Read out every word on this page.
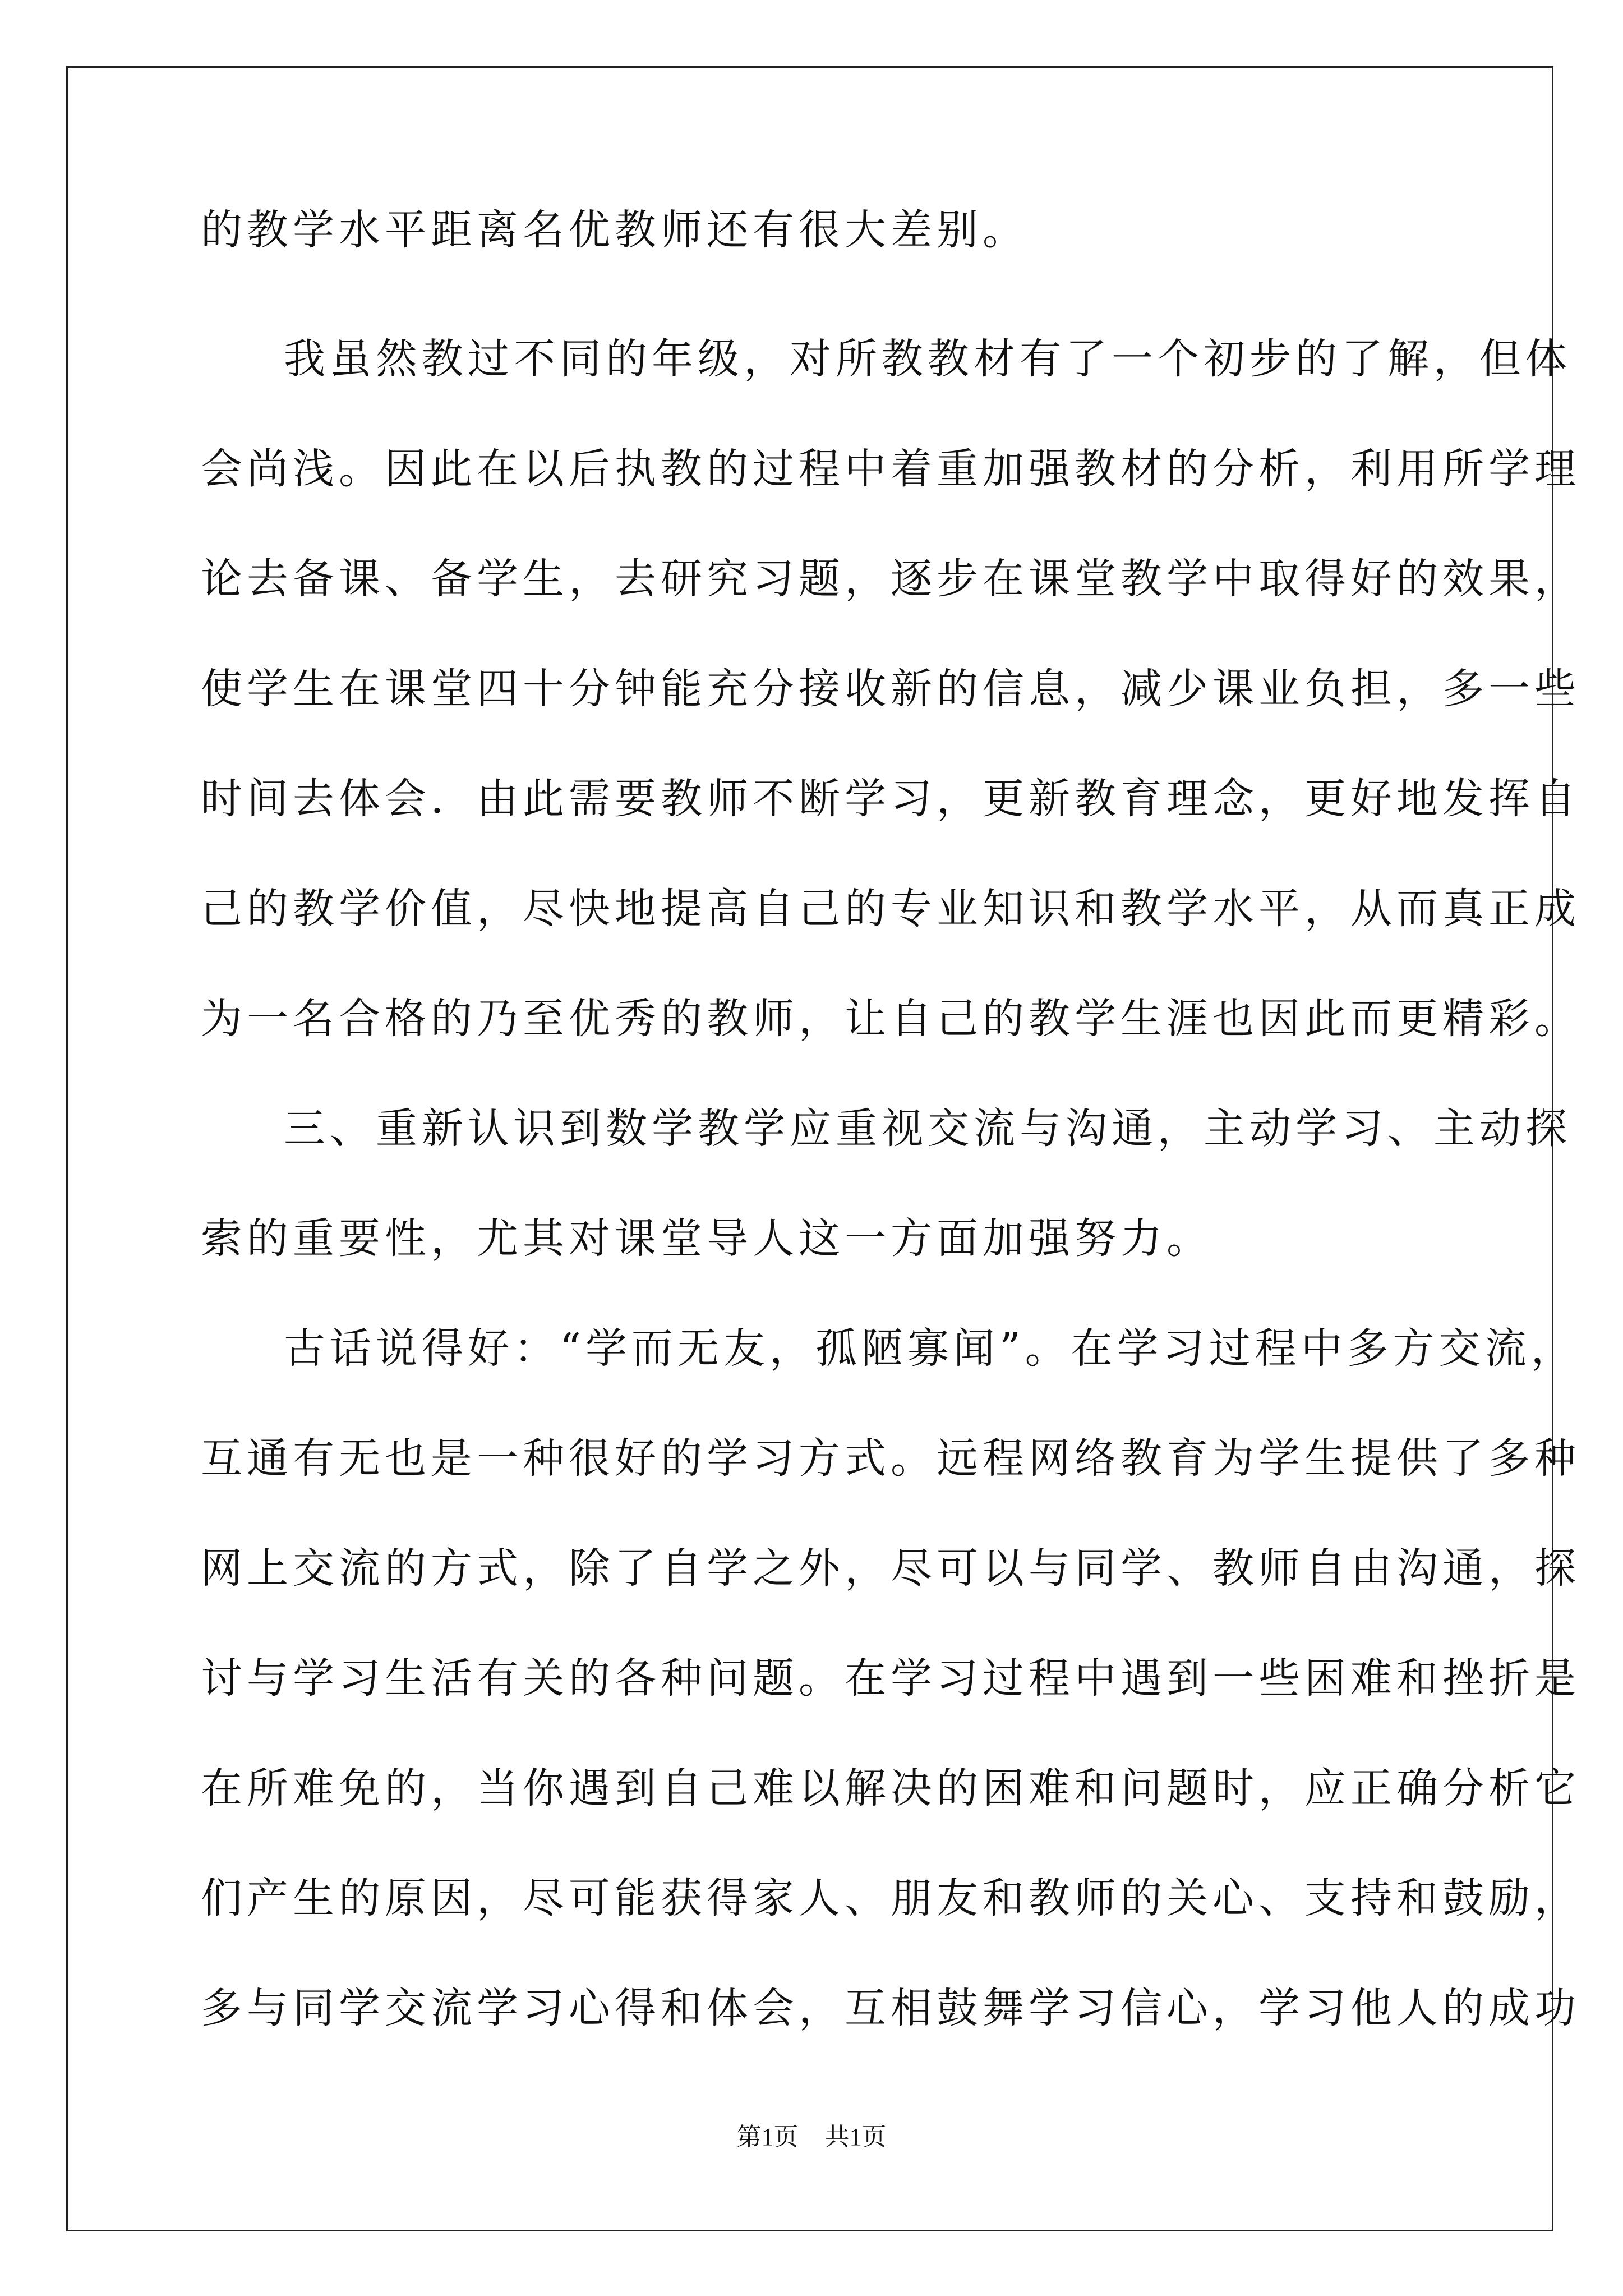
的教学水平距离名优教师还有很大差别。
我虽然教过不同的年级，对所教教材有了一个初步的了解，但体
会尚浅。因此在以后执教的过程中着重加强教材的分析，利用所学理
论去备课、备学生，去研究习题，逐步在课堂教学中取得好的效果，
使学生在课堂四十分钟能充分接收新的信息，减少课业负担，多一些
时间去体会．由此需要教师不断学习，更新教育理念，更好地发挥自
己的教学价值，尽快地提高自己的专业知识和教学水平，从而真正成
为一名合格的乃至优秀的教师，让自己的教学生涯也因此而更精彩。
三、重新认识到数学教学应重视交流与沟通，主动学习、主动探
索的重要性，尤其对课堂导人这一方面加强努力。
古话说得好：“学而无友，孤陋寡闻”。在学习过程中多方交流，
互通有无也是一种很好的学习方式。远程网络教育为学生提供了多种
网上交流的方式，除了自学之外，尽可以与同学、教师自由沟通，探
讨与学习生活有关的各种问题。在学习过程中遇到一些困难和挫折是
在所难免的，当你遇到自己难以解决的困难和问题时，应正确分析它
们产生的原因，尽可能获得家人、朋友和教师的关心、支持和鼓励，
多与同学交流学习心得和体会，互相鼓舞学习信心，学习他人的成功
第1页 共1页
